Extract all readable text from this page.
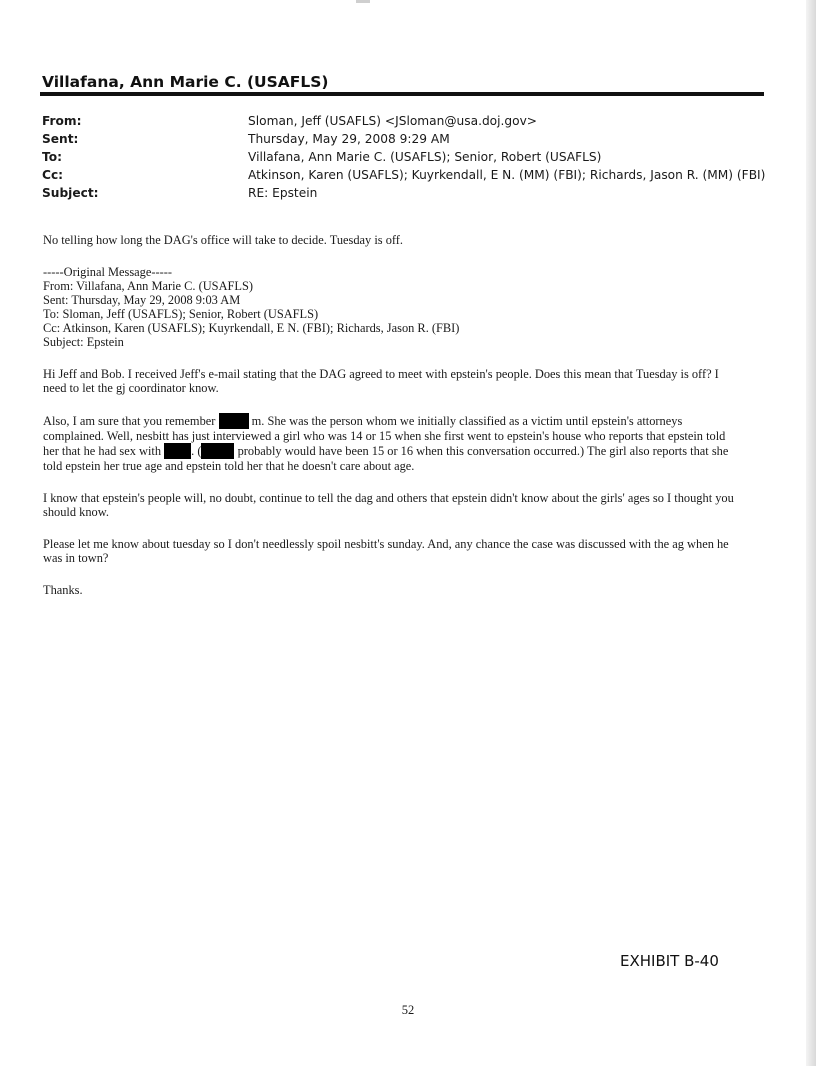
Villafana, Ann Marie C. (USAFLS)
From:	Sloman, Jeff (USAFLS) <JSloman@usa.doj.gov>
Sent:	Thursday, May 29, 2008 9:29 AM
To:	Villafana, Ann Marie C. (USAFLS); Senior, Robert (USAFLS)
Cc:	Atkinson, Karen (USAFLS); Kuyrkendall, E N. (MM) (FBI); Richards, Jason R. (MM) (FBI)
Subject:	RE: Epstein

No telling how long the DAG's office will take to decide. Tuesday is off.

-----Original Message-----
From: Villafana, Ann Marie C. (USAFLS)
Sent: Thursday, May 29, 2008 9:03 AM
To: Sloman, Jeff (USAFLS); Senior, Robert (USAFLS)
Cc: Atkinson, Karen (USAFLS); Kuyrkendall, E N. (FBI); Richards, Jason R. (FBI)
Subject: Epstein

Hi Jeff and Bob. I received Jeff's e-mail stating that the DAG agreed to meet with epstein's people. Does this mean that Tuesday is off? I need to let the gj coordinator know.

Also, I am sure that you remember	m. She was the person whom we initially classified as a victim until epstein's attorneys complained. Well, nesbitt has just interviewed a girl who was 14 or 15 when she first went to epstein's house who reports that epstein told her that he had sex with . (	probably would have been 15 or 16 when this conversation occurred.) The girl also reports that she told epstein her true age and epstein told her that he doesn't care about age.

I know that epstein's people will, no doubt, continue to tell the dag and others that epstein didn't know about the girls' ages so I thought you should know.

Please let me know about tuesday so I don't needlessly spoil nesbitt's sunday. And, any chance the case was discussed with the ag when he was in town?

Thanks.

EXHIBIT B-40
52
